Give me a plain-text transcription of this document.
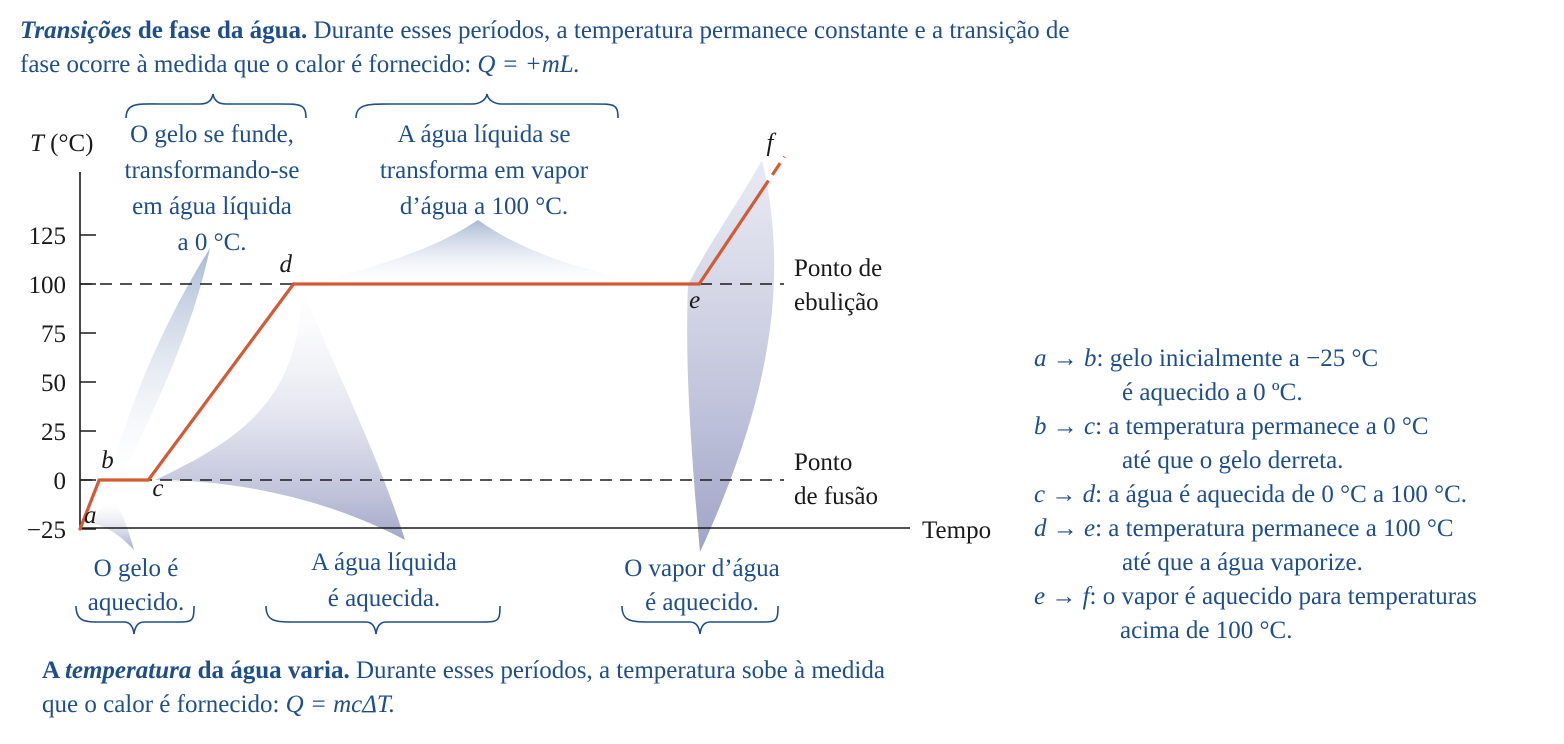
Transições de fase da água. Durante esses períodos, a temperatura permanece constante e a transição de fase ocorre à medida que o calor é fornecido: Q = +mL.
125
100
75
50
25
0
−25
T (°C)
Tempo
Ponto de
ebulição
Ponto
de fusão
a
b
c
d
e
f
O gelo se funde,
transformando-se
em água líquida
a 0 °C.
A água líquida se
transforma em vapor
d’água a 100 °C.
O gelo é
aquecido.
A água líquida
é aquecida.
O vapor d’água
é aquecido.
a → b: gelo inicialmente a −25 °C
é aquecido a 0 ºC.
b → c: a temperatura permanece a 0 °C
até que o gelo derreta.
c → d: a água é aquecida de 0 °C a 100 °C.
d → e: a temperatura permanece a 100 °C
até que a água vaporize.
e → f: o vapor é aquecido para temperaturas
acima de 100 °C.
A temperatura da água varia. Durante esses períodos, a temperatura sobe à medida que o calor é fornecido: Q = mcΔT.
